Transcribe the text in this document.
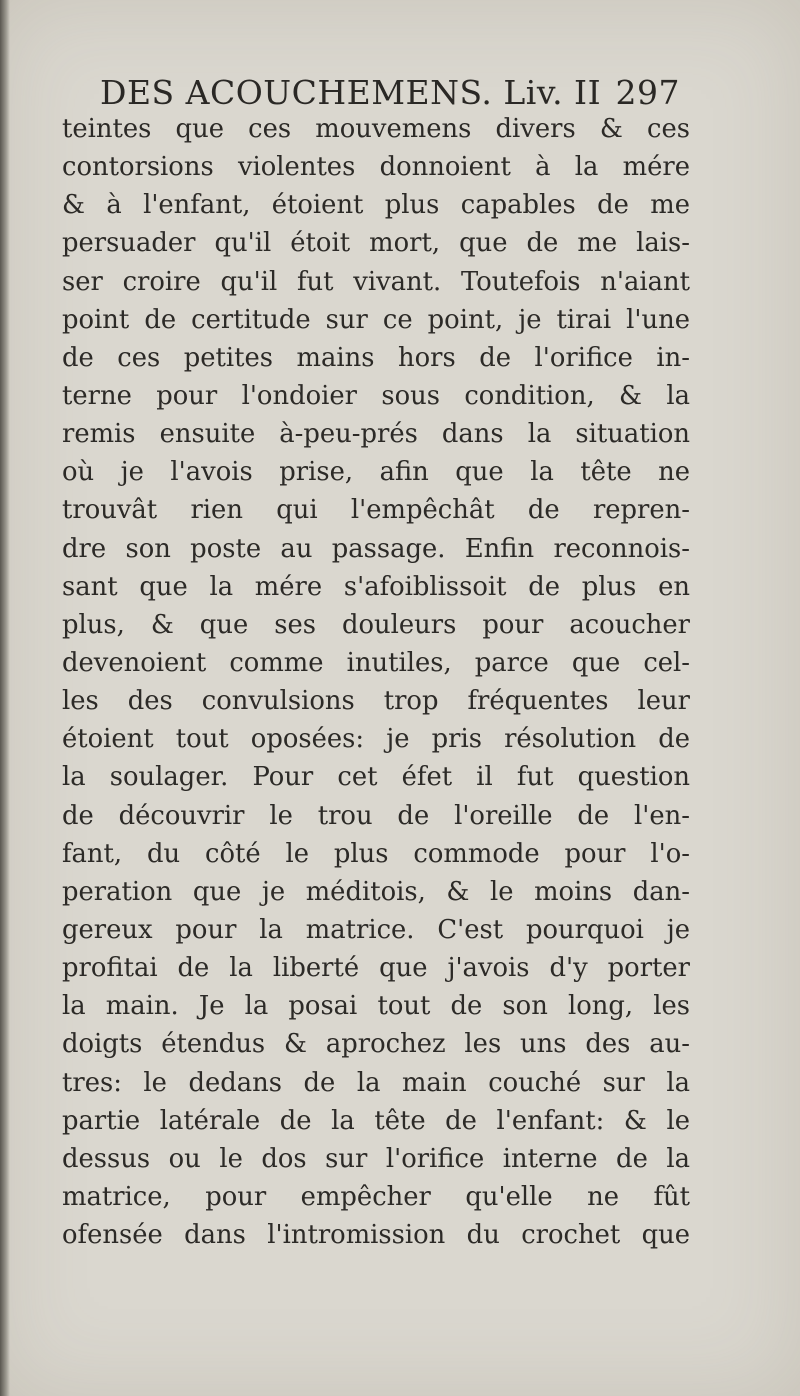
DES ACOUCHEMENS. Liv. II 297
teintes que ces mouvemens divers & ces
contorsions violentes donnoient à la mére
& à l'enfant, étoient plus capables de me
persuader qu'il étoit mort, que de me lais-
ser croire qu'il fut vivant. Toutefois n'aiant
point de certitude sur ce point, je tirai l'une
de ces petites mains hors de l'orifice in-
terne pour l'ondoier sous condition, & la
remis ensuite à-peu-prés dans la situation
où je l'avois prise, afin que la tête ne
trouvât rien qui l'empêchât de repren-
dre son poste au passage. Enfin reconnois-
sant que la mére s'afoiblissoit de plus en
plus, & que ses douleurs pour acoucher
devenoient comme inutiles, parce que cel-
les des convulsions trop fréquentes leur
étoient tout oposées: je pris résolution de
la soulager. Pour cet éfet il fut question
de découvrir le trou de l'oreille de l'en-
fant, du côté le plus commode pour l'o-
peration que je méditois, & le moins dan-
gereux pour la matrice. C'est pourquoi je
profitai de la liberté que j'avois d'y porter
la main. Je la posai tout de son long, les
doigts étendus & aprochez les uns des au-
tres: le dedans de la main couché sur la
partie latérale de la tête de l'enfant: & le
dessus ou le dos sur l'orifice interne de la
matrice, pour empêcher qu'elle ne fût
ofensée dans l'intromission du crochet que
